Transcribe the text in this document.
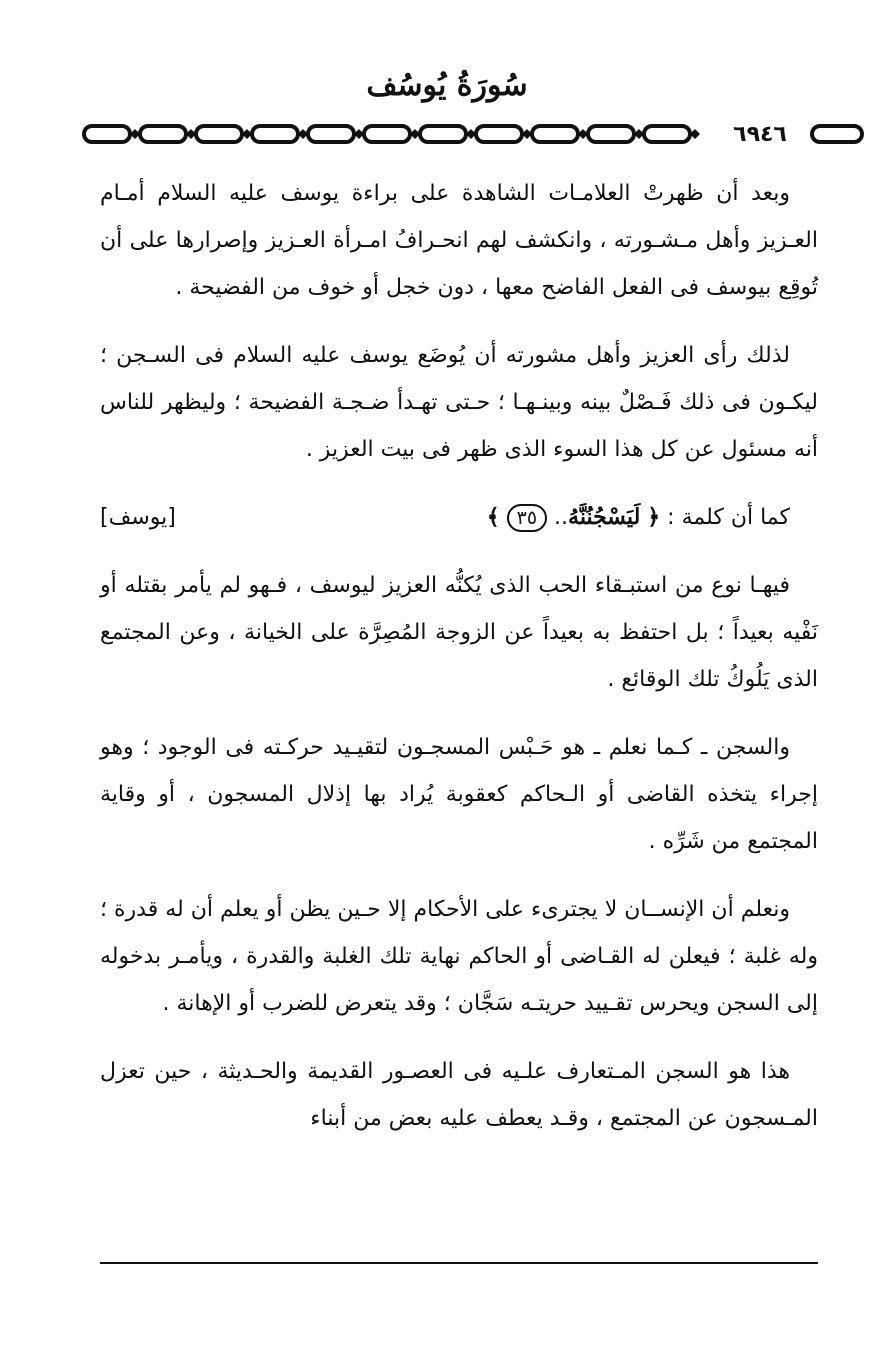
سُورَةُ يُوسُف
٦٩٤٦

وبعد أن ظهرتْ العلامـات الشاهدة على براءة يوسف عليه السلام أمـام العـزيز وأهل مـشـورته ، وانكشف لهم انحـرافُ امـرأة العـزيز وإصرارها على أن تُوقِع بيوسف فى الفعل الفاضح معها ، دون خجل أو خوف من الفضيحة .

لذلك رأى العزيز وأهل مشورته أن يُوضَع يوسف عليه السلام فى السـجن ؛ ليكـون فى ذلك فَـصْلٌ بينه وبينـهـا ؛ حـتى تهـدأ ضـجـة الفضيحة ؛ وليظهر للناس أنه مسئول عن كل هذا السوء الذى ظهر فى بيت العزيز .

كما أن كلمة : ﴿ لَيَسْجُنُنَّهُ.. ٣٥ ﴾
[يوسف]

فيهـا نوع من استبـقاء الحب الذى يُكنُّه العزيز ليوسف ، فـهو لم يأمر بقتله أو نَفْيه بعيداً ؛ بل احتفظ به بعيداً عن الزوجة المُصِرَّة على الخيانة ، وعن المجتمع الذى يَلُوكُ تلك الوقائع .

والسجن ـ كـما نعلم ـ هو حَـبْس المسجـون لتقيـيد حركـته فى الوجود ؛ وهو إجراء يتخذه القاضى أو الـحاكم كعقوبة يُراد بها إذلال المسجون ، أو وقاية المجتمع من شَرِّه .

ونعلم أن الإنســان لا يجترىء على الأحكام إلا حـين يظن أو يعلم أن له قدرة ؛ وله غلبة ؛ فيعلن له القـاضى أو الحاكم نهاية تلك الغلبة والقدرة ، ويأمـر بدخوله إلى السجن ويحرس تقـييد حريتـه سَجَّان ؛ وقد يتعرض للضرب أو الإهانة .

هذا هو السجن المـتعارف علـيه فى العصـور القديمة والحـديثة ، حين تعزل المـسجون عن المجتمع ، وقـد يعطف عليه بعض من أبناء
